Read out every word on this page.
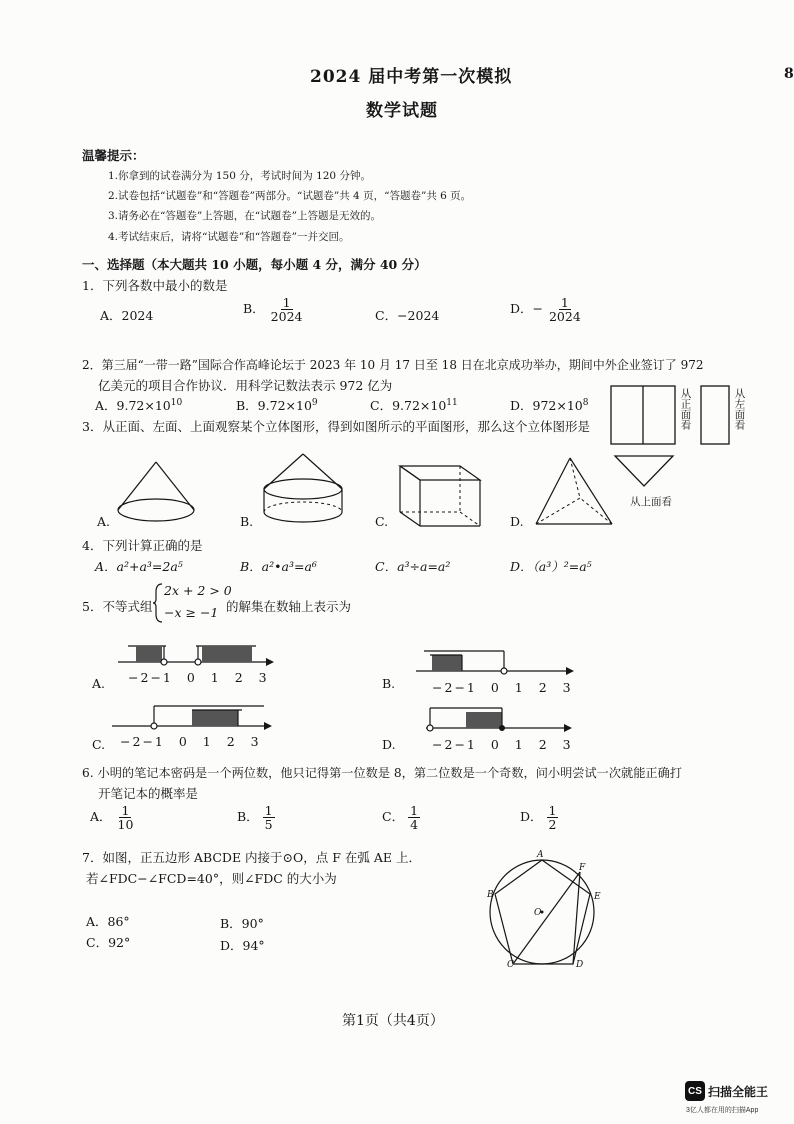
2024 届中考第一次模拟
数学试题
8
温馨提示：
1.你拿到的试卷满分为 150 分，考试时间为 120 分钟。
2.试卷包括“试题卷”和“答题卷”两部分。“试题卷”共 4 页，“答题卷”共 6 页。
3.请务必在“答题卷”上答题，在“试题卷”上答题是无效的。
4.考试结束后，请将“试题卷”和“答题卷”一并交回。
一、选择题（本大题共 10 小题，每小题 4 分，满分 40 分）
1．下列各数中最小的数是
A．2024	B． $\frac{1}{2024}$	C．−2024	D．− $\frac{1}{2024}$
2．第三届“一带一路”国际合作高峰论坛于 2023 年 10 月 17 日至 18 日在北京成功举办，期间中外企业签订了 972
亿美元的项目合作协议．用科学记数法表示 972 亿为
A．$9.72\times 10^{10}$	B．$9.72\times 10^9$	C．$9.72\times 10^{11}$	D．$972\times 10^8$
3．从正面、左面、上面观察某个立体图形，得到如图所示的平面图形，那么这个立体图形是	从正面看	从左面看
从上面看
A.	B.	C.	D.
4．下列计算正确的是
A．a²+a³=2a⁵	B．a²•a³=a⁶	C．a³÷a=a²	D．（a³）²=a⁵
5．不等式组
2x + 2 > 0
−x ≥ −1 的解集在数轴上表示为
A. −2−1 0 1 2 3	B.	−2−1 0 1 2 3
C. −2−1 0 1 2 3	D.	−2−1 0 1 2 3
6. 小明的笔记本密码是一个两位数，他只记得第一位数是 8，第二位数是一个奇数，问小明尝试一次就能正确打
开笔记本的概率是
A． $\frac{1}{10}$	B． $\frac{1}{5}$	C． $\frac{1}{4}$	D． $\frac{1}{2}$
7．如图，正五边形 ABCDE 内接于⊙O，点 F 在弧 AE 上．
若∠FDC−∠FCD=40°，则∠FDC 的大小为
A．86°	B．90°
C．92°	D．94°
A
B
C	D
E
F
O
第1页（共4页）
CS 扫描全能王
3亿人都在用的扫描App
